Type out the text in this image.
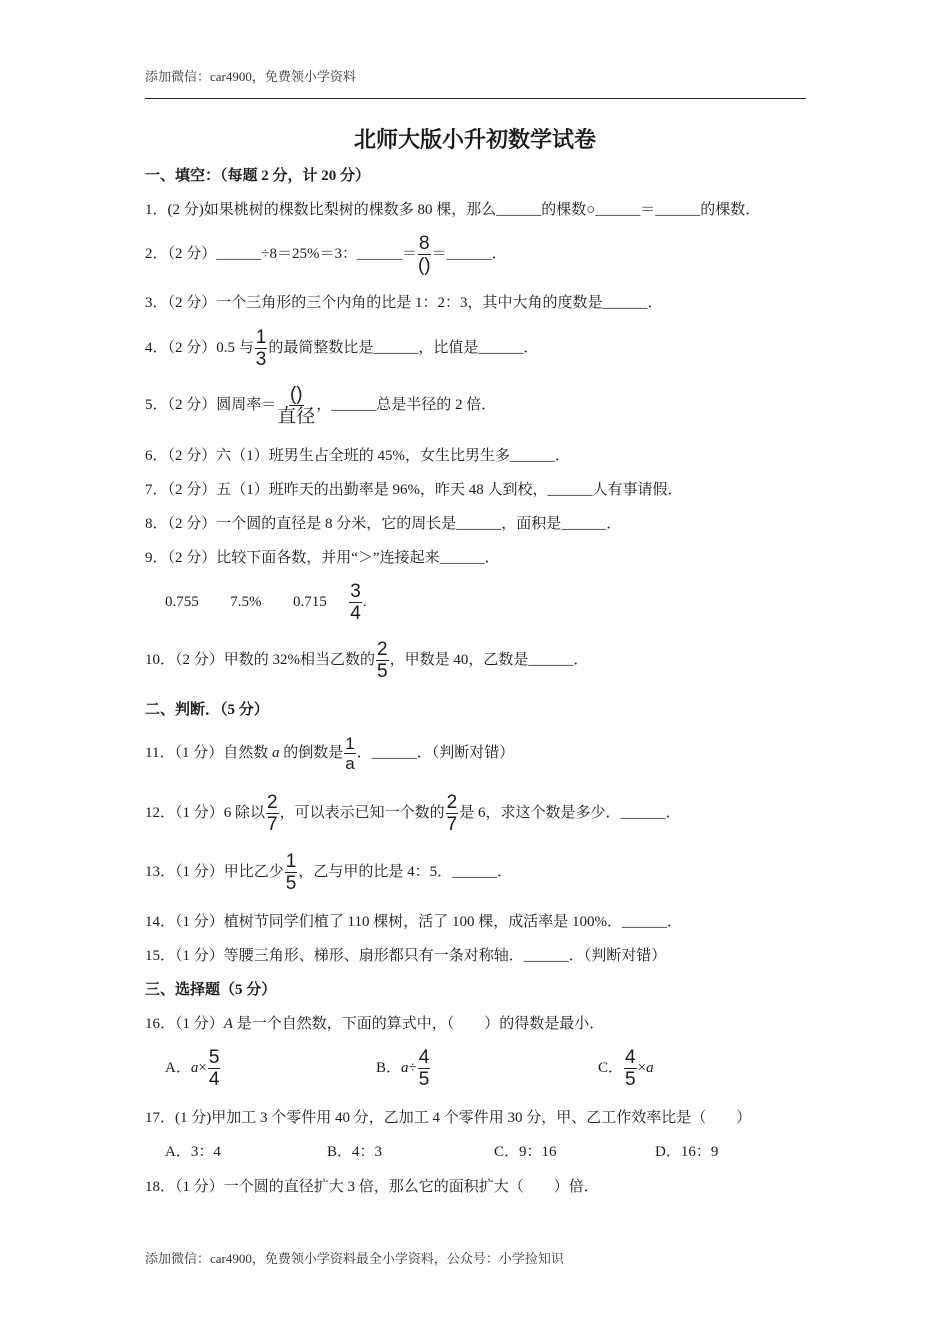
添加微信：car4900，免费领小学资料
北师大版小升初数学试卷
一、填空：（每题 2 分，计 20 分）
1．(2 分)如果桃树的棵数比梨树的棵数多 80 棵，那么______的棵数○______＝______的棵数．
2．（2 分）______÷8＝25%＝3：______＝ $\frac{8}{()}$ ＝______．
3．（2 分）一个三角形的三个内角的比是 1：2：3，其中大角的度数是______．
4．（2 分）0.5 与 $\frac{1}{3}$ 的最简整数比是______，比值是______．
5．（2 分）圆周率＝ $\frac{()}{\text{直径}}$ ，______总是半径的 2 倍．
6．（2 分）六（1）班男生占全班的 45%，女生比男生多______．
7．（2 分）五（1）班昨天的出勤率是 96%，昨天 48 人到校，______人有事请假．
8．（2 分）一个圆的直径是 8 分米，它的周长是______，面积是______．
9．（2 分）比较下面各数，并用“＞”连接起来______．
0.755 7.5% $0.715 \frac{3}{4}$ .
10．（2 分）甲数的 32%相当乙数的 $\frac{2}{5}$ ，甲数是 40，乙数是______．
二、判断．（5 分）
11．（1 分）自然数 a 的倒数是 $\frac{1}{a}$ ．______．（判断对错）
12．（1 分）6 除以 $\frac{2}{7}$ ，可以表示已知一个数的 $\frac{2}{7}$ 是 6，求这个数是多少．______．
13．（1 分）甲比乙少 $\frac{1}{5}$ ，乙与甲的比是 4：5．______．
14．（1 分）植树节同学们植了 110 棵树，活了 100 棵，成活率是 100%．______．
15．（1 分）等腰三角形、梯形、扇形都只有一条对称轴．______．（判断对错）
三、选择题（5 分）
16．（1 分）A 是一个自然数，下面的算式中，（　　）的得数是最小．
A．$a\times \frac{5}{4}$	B．$a\div \frac{4}{5}$	C． $\frac{4}{5} \times a$
17．(1 分)甲加工 3 个零件用 40 分，乙加工 4 个零件用 30 分，甲、乙工作效率比是（　　）
A．3：4	B．4：3	C．9：16	D．16：9
18．（1 分）一个圆的直径扩大 3 倍，那么它的面积扩大（　　）倍．
添加微信：car4900，免费领小学资料最全小学资料，公众号：小学捡知识
